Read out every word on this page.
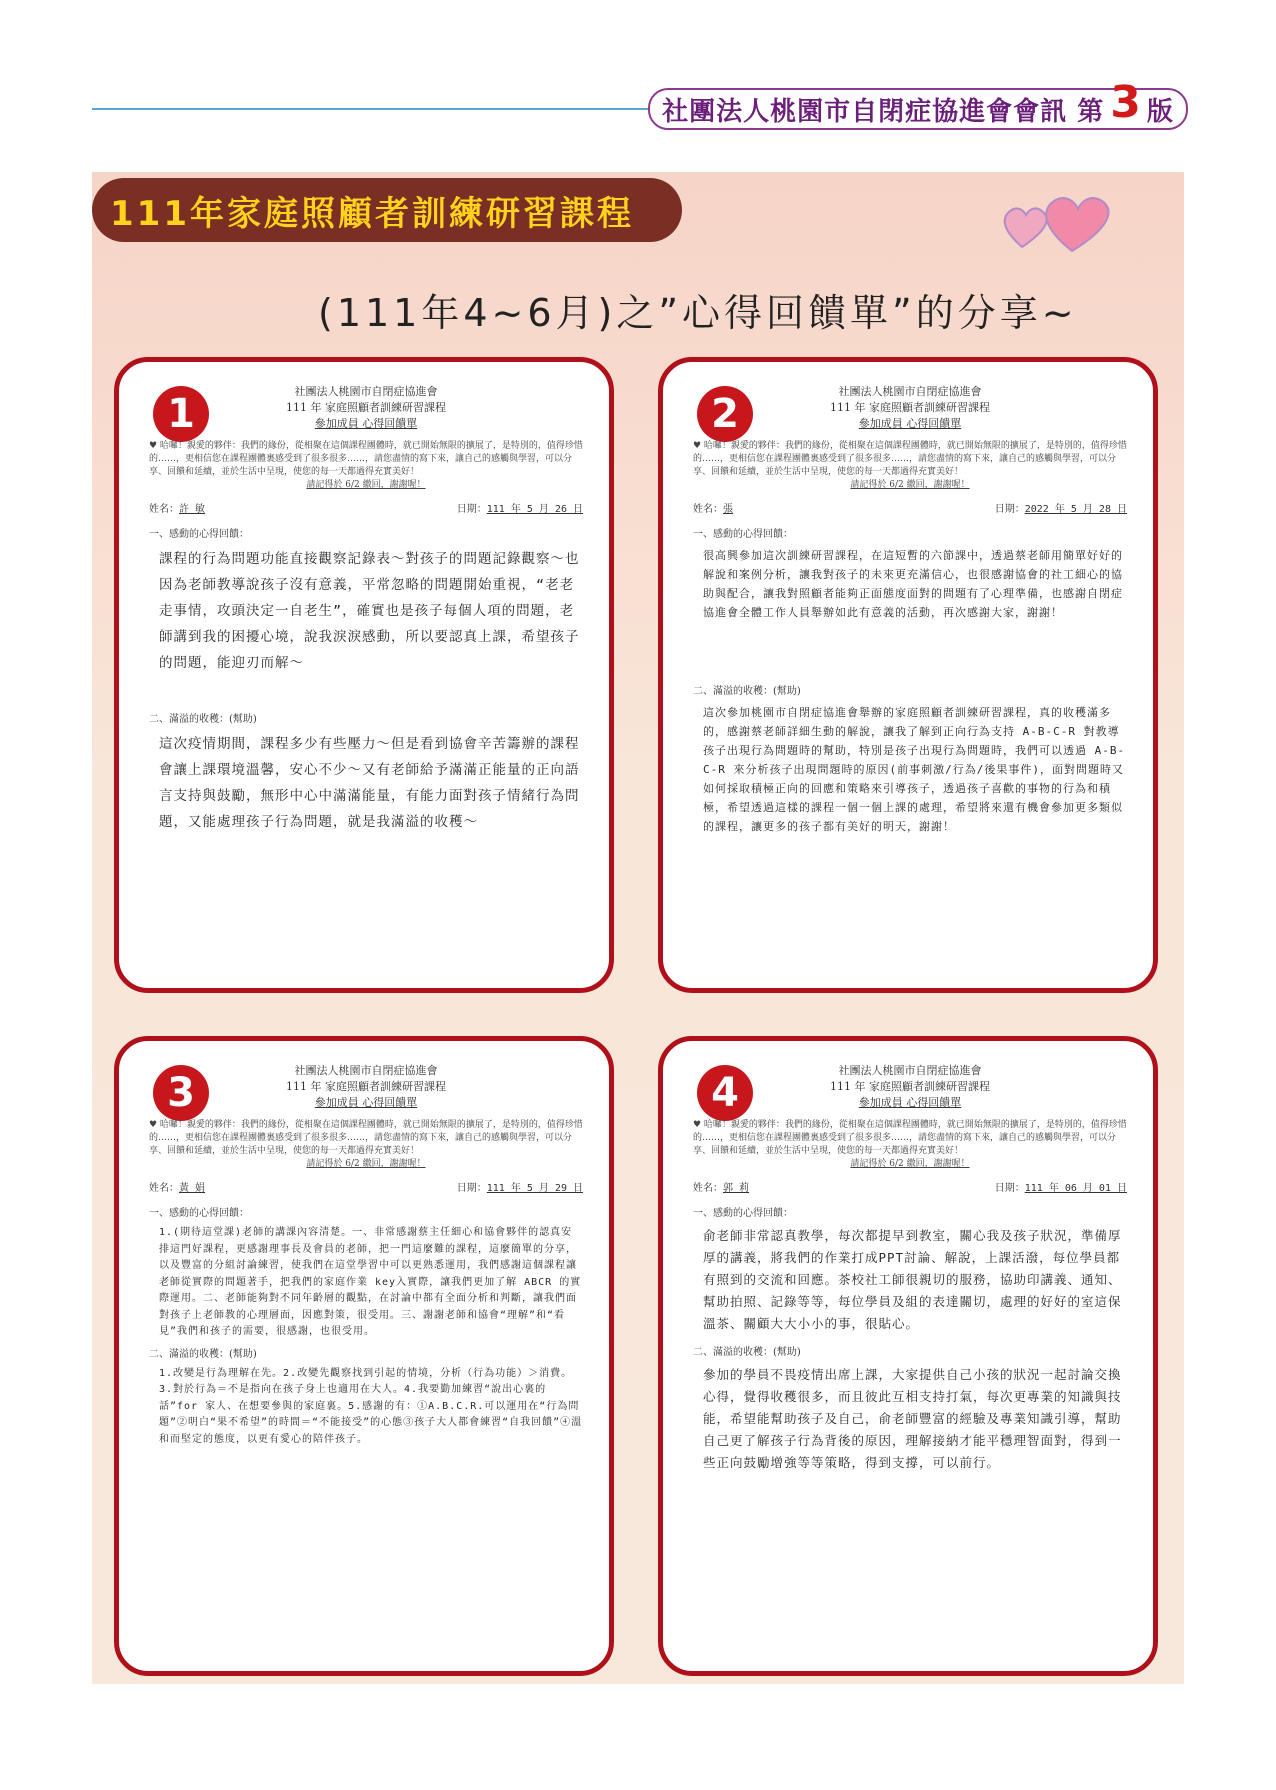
社團法人桃園市自閉症協進會會訊 第 3 版
111年家庭照顧者訓練研習課程
(111年4~6月)之”心得回饋單”的分享~
1	社團法人桃園市自閉症協進會
111 年 家庭照顧者訓練研習課程
參加成員 心得回饋單
♥ 哈囉！親愛的夥伴：我們的緣份，從相聚在這個課程團體時，就已開始無限的擴展了，是特別的，值得珍惜的……，更相信您在課程團體裏感受到了很多很多……，請您盡情的寫下來，讓自己的感觸與學習，可以分享、回饋和延續，並於生活中呈現，使您的每一天都過得充實美好！
請記得於 6/2 繳回，謝謝喔！
姓名：許 敏	日期：111 年 5 月 26 日
一、感動的心得回饋：
課程的行為問題功能直接觀察記錄表～對孩子的問題記錄觀察～也因為老師教導說孩子沒有意義，平常忽略的問題開始重視，“老老走事情，攻頭決定一自老生”，確實也是孩子每個人項的問題，老師講到我的困擾心境，說我淚淚感動，所以要認真上課，希望孩子的問題，能迎刃而解～
二、滿溢的收穫：(幫助)
這次疫情期間，課程多少有些壓力～但是看到協會辛苦籌辦的課程會讓上課環境溫馨，安心不少～又有老師給予滿滿正能量的正向語言支持與鼓勵，無形中心中滿滿能量，有能力面對孩子情緒行為問題，又能處理孩子行為問題，就是我滿溢的收穫～
2	社團法人桃園市自閉症協進會
111 年 家庭照顧者訓練研習課程
參加成員 心得回饋單
♥ 哈囉！親愛的夥伴：我們的緣份，從相聚在這個課程團體時，就已開始無限的擴展了，是特別的，值得珍惜的……，更相信您在課程團體裏感受到了很多很多……，請您盡情的寫下來，讓自己的感觸與學習，可以分享、回饋和延續，並於生活中呈現，使您的每一天都過得充實美好！
請記得於 6/2 繳回，謝謝喔！
姓名：張	日期：2022 年 5 月 28 日
一、感動的心得回饋：
很高興參加這次訓練研習課程，在這短暫的六節課中，透過蔡老師用簡單好好的解說和案例分析，讓我對孩子的未來更充滿信心，也很感謝協會的社工細心的協助與配合，讓我對照顧者能夠正面態度面對的問題有了心理準備，也感謝自閉症協進會全體工作人員舉辦如此有意義的活動，再次感謝大家，謝謝！
二、滿溢的收穫：(幫助)
這次參加桃園市自閉症協進會舉辦的家庭照顧者訓練研習課程，真的收穫滿多的，感謝蔡老師詳細生動的解說，讓我了解到正向行為支持 A-B-C-R 對教導孩子出現行為問題時的幫助，特別是孩子出現行為問題時，我們可以透過 A-B-C-R 來分析孩子出現問題時的原因(前事刺激/行為/後果事件)，面對問題時又如何採取積極正向的回應和策略來引導孩子，透過孩子喜歡的事物的行為和積極，希望透過這樣的課程一個一個上課的處理，希望將來還有機會參加更多類似的課程，讓更多的孩子都有美好的明天，謝謝！
3	社團法人桃園市自閉症協進會
111 年 家庭照顧者訓練研習課程
參加成員 心得回饋單
♥ 哈囉！親愛的夥伴：我們的緣份，從相聚在這個課程團體時，就已開始無限的擴展了，是特別的，值得珍惜的……，更相信您在課程團體裏感受到了很多很多……，請您盡情的寫下來，讓自己的感觸與學習，可以分享、回饋和延續，並於生活中呈現，使您的每一天都過得充實美好！
請記得於 6/2 繳回，謝謝喔！
姓名：黃 娟	日期：111 年 5 月 29 日
一、感動的心得回饋：
1.(期待這堂課)老師的講課內容清楚。一、非常感謝蔡主任細心和協會夥伴的認真安排這門好課程，更感謝理事長及會員的老師，把一門這麼難的課程，這麼簡單的分享，以及豐富的分組討論練習，使我們在這堂學習中可以更熟悉運用，我們感謝這個課程讓老師從實際的問題著手，把我們的家庭作業 key入實際，讓我們更加了解 ABCR 的實際運用。二、老師能夠對不同年齡層的觀點，在討論中都有全面分析和判斷，讓我們面對孩子上老師教的心理層面，因應對策，很受用。三、謝謝老師和協會“理解”和“看見”我們和孩子的需要，很感謝，也很受用。
二、滿溢的收穫：(幫助)
1.改變是行為理解在先。2.改變先觀察找到引起的情境，分析（行為功能）＞消費。3.對於行為＝不是指向在孩子身上也適用在大人。4.我要勤加練習“說出心裏的話”for 家人、在想要參與的家庭裏。5.感謝的有：①A.B.C.R.可以運用在“行為問題”②明白“果不希望”的時間＝“不能接受”的心態③孩子大人都會練習“自我回饋”④溫和而堅定的態度，以更有愛心的陪伴孩子。
4	社團法人桃園市自閉症協進會
111 年 家庭照顧者訓練研習課程
參加成員 心得回饋單
♥ 哈囉！親愛的夥伴：我們的緣份，從相聚在這個課程團體時，就已開始無限的擴展了，是特別的，值得珍惜的……，更相信您在課程團體裏感受到了很多很多……，請您盡情的寫下來，讓自己的感觸與學習，可以分享、回饋和延續，並於生活中呈現，使您的每一天都過得充實美好！
請記得於 6/2 繳回，謝謝喔！
姓名：郭 莉	日期：111 年 06 月 01 日
一、感動的心得回饋：
俞老師非常認真教學，每次都提早到教室，關心我及孩子狀況，準備厚厚的講義，將我們的作業打成PPT討論、解說，上課活潑，每位學員都有照到的交流和回應。茶校社工師很親切的服務，協助印講義、通知、幫助拍照、記錄等等，每位學員及組的表達關切，處理的好好的室這保溫茶、關顧大大小小的事，很貼心。
二、滿溢的收穫：(幫助)
參加的學員不畏疫情出席上課，大家提供自己小孩的狀況一起討論交換心得，覺得收穫很多，而且彼此互相支持打氣，每次更專業的知識與技能，希望能幫助孩子及自己，俞老師豐富的經驗及專業知識引導，幫助自己更了解孩子行為背後的原因，理解接納才能平穩理智面對，得到一些正向鼓勵增強等等策略，得到支撐，可以前行。
